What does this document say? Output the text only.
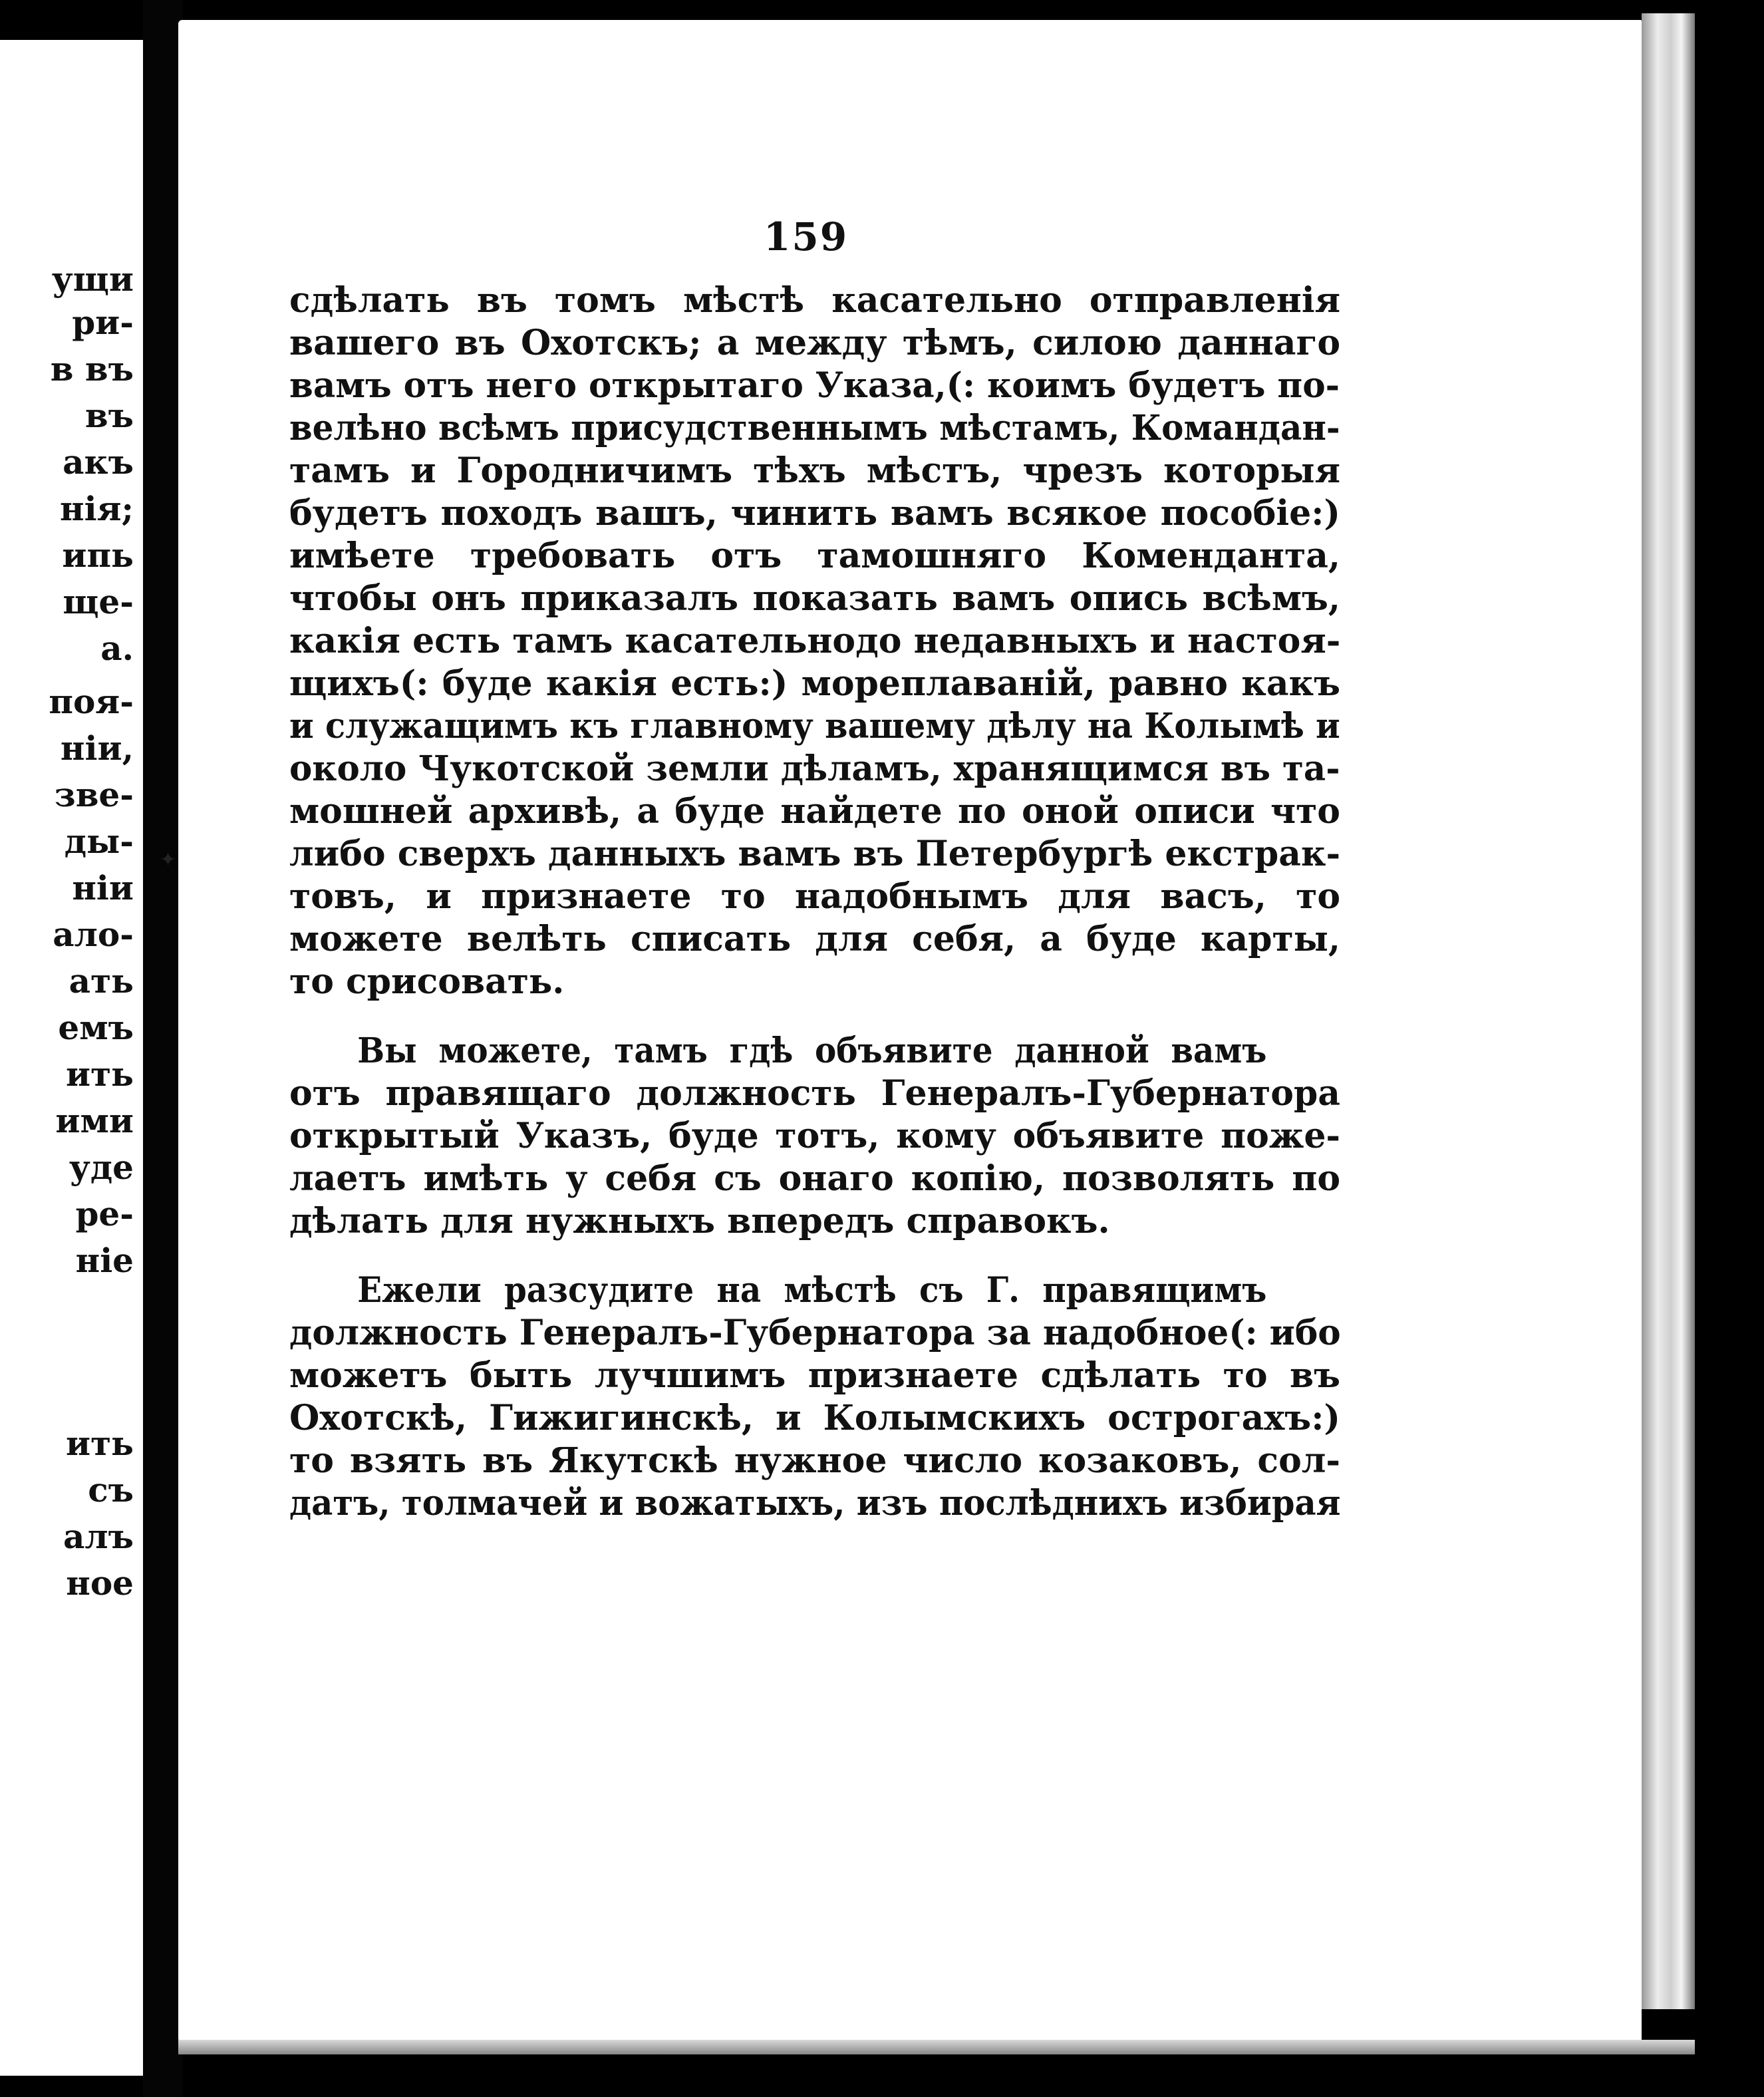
ущи
ри-
в въ
въ
акъ
нія;
ипь
ще-
а.
поя-
ніи,
зве-
ды-
ніи
ало-
ать
емъ
ить
ими
уде
ре-
ніе
ить
съ
алъ
ное
✦
159
сдѣлать въ томъ мѣстѣ касательно отправленія
вашего въ Охотскъ; а между тѣмъ, силою даннаго
вамъ отъ него открытаго Указа,(: коимъ будетъ по-
велѣно всѣмъ присудственнымъ мѣстамъ, Командан-
тамъ и Городничимъ тѣхъ мѣстъ, чрезъ которыя
будетъ походъ вашъ, чинить вамъ всякое пособіе:)
имѣете требовать отъ тамошняго Коменданта,
чтобы онъ приказалъ показать вамъ опись всѣмъ,
какія есть тамъ касательнодо недавныхъ и настоя-
щихъ(: буде какія есть:) мореплаваній, равно какъ
и служащимъ къ главному вашему дѣлу на Колымѣ и
около Чукотской земли дѣламъ, хранящимся въ та-
мошней архивѣ, а буде найдете по оной описи что
либо сверхъ данныхъ вамъ въ Петербургѣ екстрак-
товъ, и признаете то надобнымъ для васъ, то
можете велѣть списать для себя, а буде карты,
то срисовать.
Вы можете, тамъ гдѣ объявите данной вамъ
отъ правящаго должность Генералъ-Губернатора
открытый Указъ, буде тотъ, кому объявите поже-
лаетъ имѣть у себя съ онаго копію, позволять по
дѣлать для нужныхъ впередъ справокъ.
Ежели разсудите на мѣстѣ съ Г. правящимъ
должность Генералъ-Губернатора за надобное(: ибо
можетъ быть лучшимъ признаете сдѣлать то въ
Охотскѣ, Гижигинскѣ, и Колымскихъ острогахъ:)
то взять въ Якутскѣ нужное число козаковъ, сол-
датъ, толмачей и вожатыхъ, изъ послѣднихъ избирая
